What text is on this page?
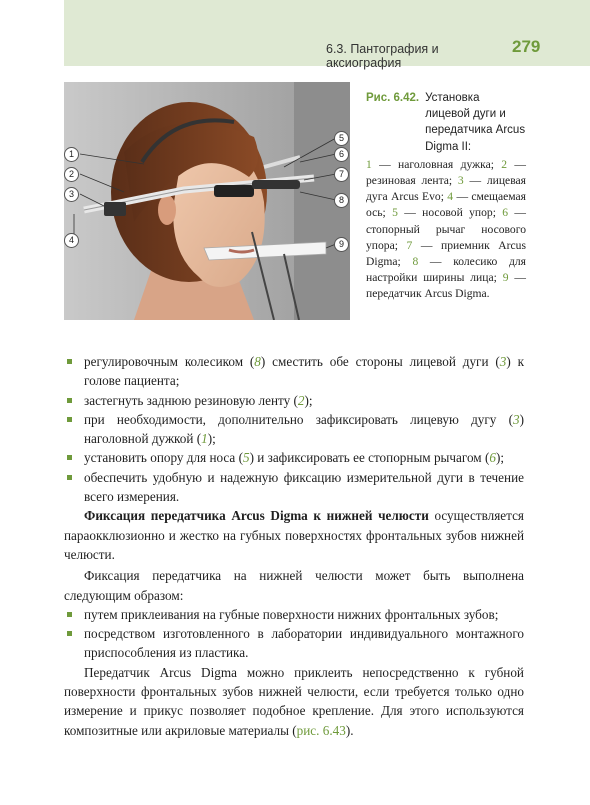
6.3. Пантография и аксиография
279
1
2
3
4
5
6
7
8
9
Рис. 6.42. Установка лицевой дуги и передатчика Arcus Digma II:
1 — наголовная дужка; 2 — резиновая лента; 3 — лицевая дуга Arcus Evo; 4 — смещаемая ось; 5 — носовой упор; 6 — стопорный рычаг носового упора; 7 — приемник Arcus Digma; 8 — колесико для настройки ширины лица; 9 — передатчик Arcus Digma.
регулировочным колесиком (8) сместить обе стороны лицевой дуги (3) к голове пациента;
застегнуть заднюю резиновую ленту (2);
при необходимости, дополнительно зафиксировать лицевую дугу (3) наголовной дужкой (1);
установить опору для носа (5) и зафиксировать ее стопорным рычагом (6);
обеспечить удобную и надежную фиксацию измерительной дуги в течение всего измерения.

Фиксация передатчика Arcus Digma к нижней челюсти осуществляется парaокклюзионно и жестко на губных поверхностях фронтальных зубов нижней челюсти.

Фиксация передатчика на нижней челюсти может быть выполнена следующим образом:

путем приклеивания на губные поверхности нижних фронтальных зубов;
посредством изготовленного в лаборатории индивидуального монтажного приспособления из пластика.

Передатчик Arcus Digma можно приклеить непосредственно к губной поверхности фронтальных зубов нижней челюсти, если требуется только одно измерение и прикус позволяет подобное крепление. Для этого используются композитные или акриловые материалы (рис. 6.43).
